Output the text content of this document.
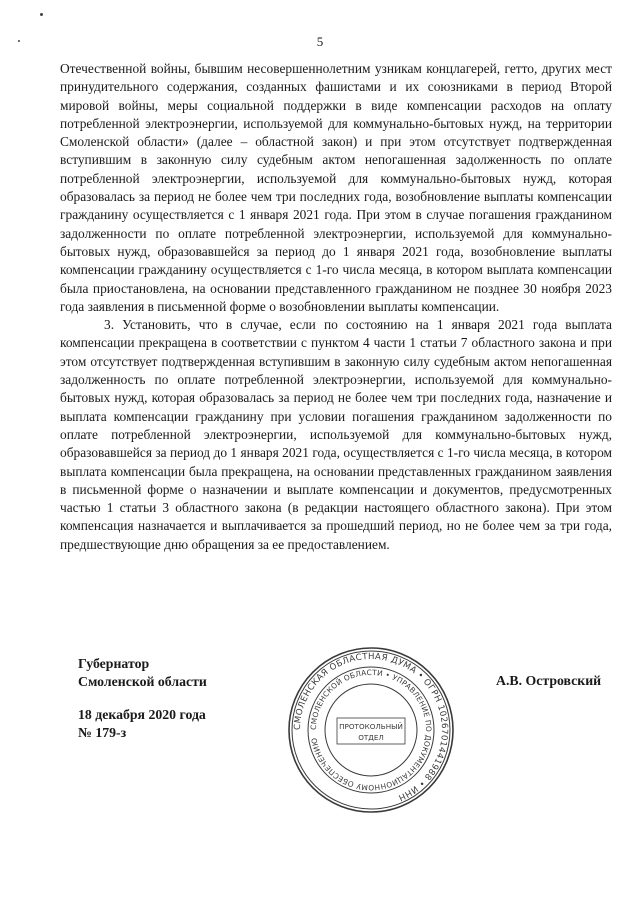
5

Отечественной войны, бывшим несовершеннолетним узникам концлагерей, гетто, других мест принудительного содержания, созданных фашистами и их союзниками в период Второй мировой войны, меры социальной поддержки в виде компенсации расходов на оплату потребленной электроэнергии, используемой для коммунально-бытовых нужд, на территории Смоленской области» (далее – областной закон) и при этом отсутствует подтвержденная вступившим в законную силу судебным актом непогашенная задолженность по оплате потребленной электроэнергии, используемой для коммунально-бытовых нужд, которая образовалась за период не более чем три последних года, возобновление выплаты компенсации гражданину осуществляется с 1 января 2021 года. При этом в случае погашения гражданином задолженности по оплате потребленной электроэнергии, используемой для коммунально-бытовых нужд, образовавшейся за период до 1 января 2021 года, возобновление выплаты компенсации гражданину осуществляется с 1-го числа месяца, в котором выплата компенсации была приостановлена, на основании представленного гражданином не позднее 30 ноября 2023 года заявления в письменной форме о возобновлении выплаты компенсации.

3. Установить, что в случае, если по состоянию на 1 января 2021 года выплата компенсации прекращена в соответствии с пунктом 4 части 1 статьи 7 областного закона и при этом отсутствует подтвержденная вступившим в законную силу судебным актом непогашенная задолженность по оплате потребленной электроэнергии, используемой для коммунально-бытовых нужд, которая образовалась за период не более чем три последних года, назначение и выплата компенсации гражданину при условии погашения гражданином задолженности по оплате потребленной электроэнергии, используемой для коммунально-бытовых нужд, образовавшейся за период до 1 января 2021 года, осуществляется с 1-го числа месяца, в котором выплата компенсации была прекращена, на основании представленных гражданином заявления в письменной форме о назначении и выплате компенсации и документов, предусмотренных частью 1 статьи 3 областного закона (в редакции настоящего областного закона). При этом компенсация назначается и выплачивается за прошедший период, но не более чем за три года, предшествующие дню обращения за ее предоставлением.

Губернатор
Смоленской области	А.В. Островский
18 декабря 2020 года
№ 179-з	СМОЛЕНСКАЯ ОБЛАСТНАЯ ДУМА • ОГРН 1026701441988 • ИНН
СМОЛЕНСКОЙ ОБЛАСТИ • УПРАВЛЕНИЕ ПО ДОКУМЕНТАЦИОННОМУ ОБЕСПЕЧЕНИЮ
ПРОТОКОЛЬНЫЙ
ОТДЕЛ
